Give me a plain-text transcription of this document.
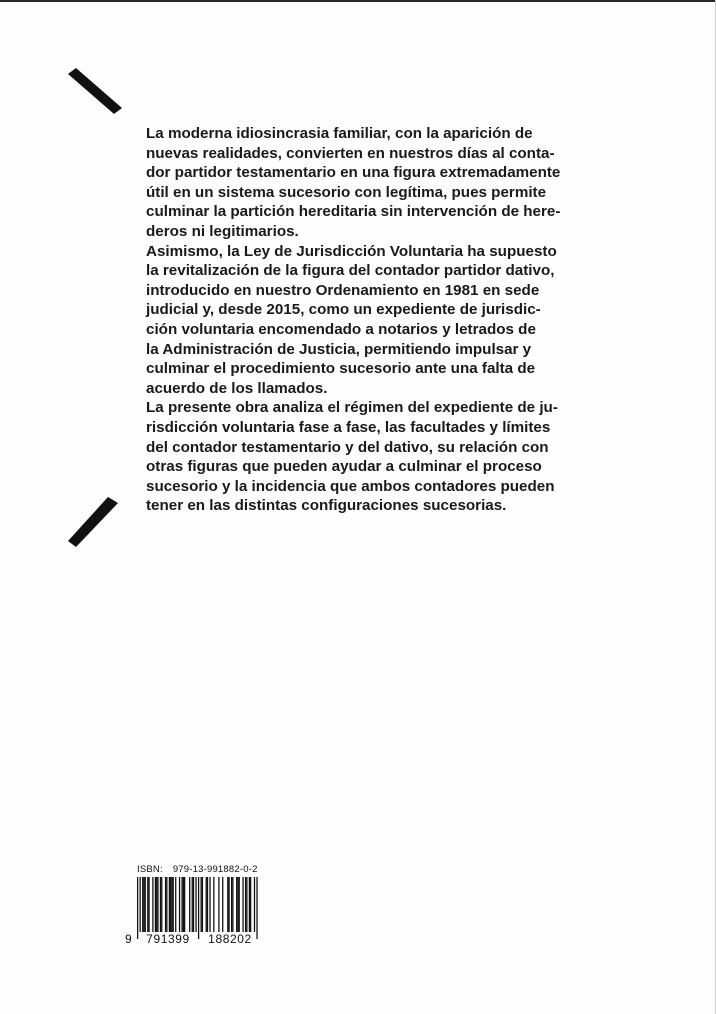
La moderna idiosincrasia familiar, con la aparición de

nuevas realidades, convierten en nuestros días al conta-

dor partidor testamentario en una figura extremadamente

útil en un sistema sucesorio con legítima, pues permite

culminar la partición hereditaria sin intervención de here-

deros ni legitimarios.

Asimismo, la Ley de Jurisdicción Voluntaria ha supuesto

la revitalización de la figura del contador partidor dativo,

introducido en nuestro Ordenamiento en 1981 en sede

judicial y, desde 2015, como un expediente de jurisdic-

ción voluntaria encomendado a notarios y letrados de

la Administración de Justicia, permitiendo impulsar y

culminar el procedimiento sucesorio ante una falta de

acuerdo de los llamados.

La presente obra analiza el régimen del expediente de ju-

risdicción voluntaria fase a fase, las facultades y límites

del contador testamentario y del dativo, su relación con

otras figuras que pueden ayudar a culminar el proceso

sucesorio y la incidencia que ambos contadores pueden

tener en las distintas configuraciones sucesorias.

ISBN: 979-13-991882-0-2
9	791399	188202
